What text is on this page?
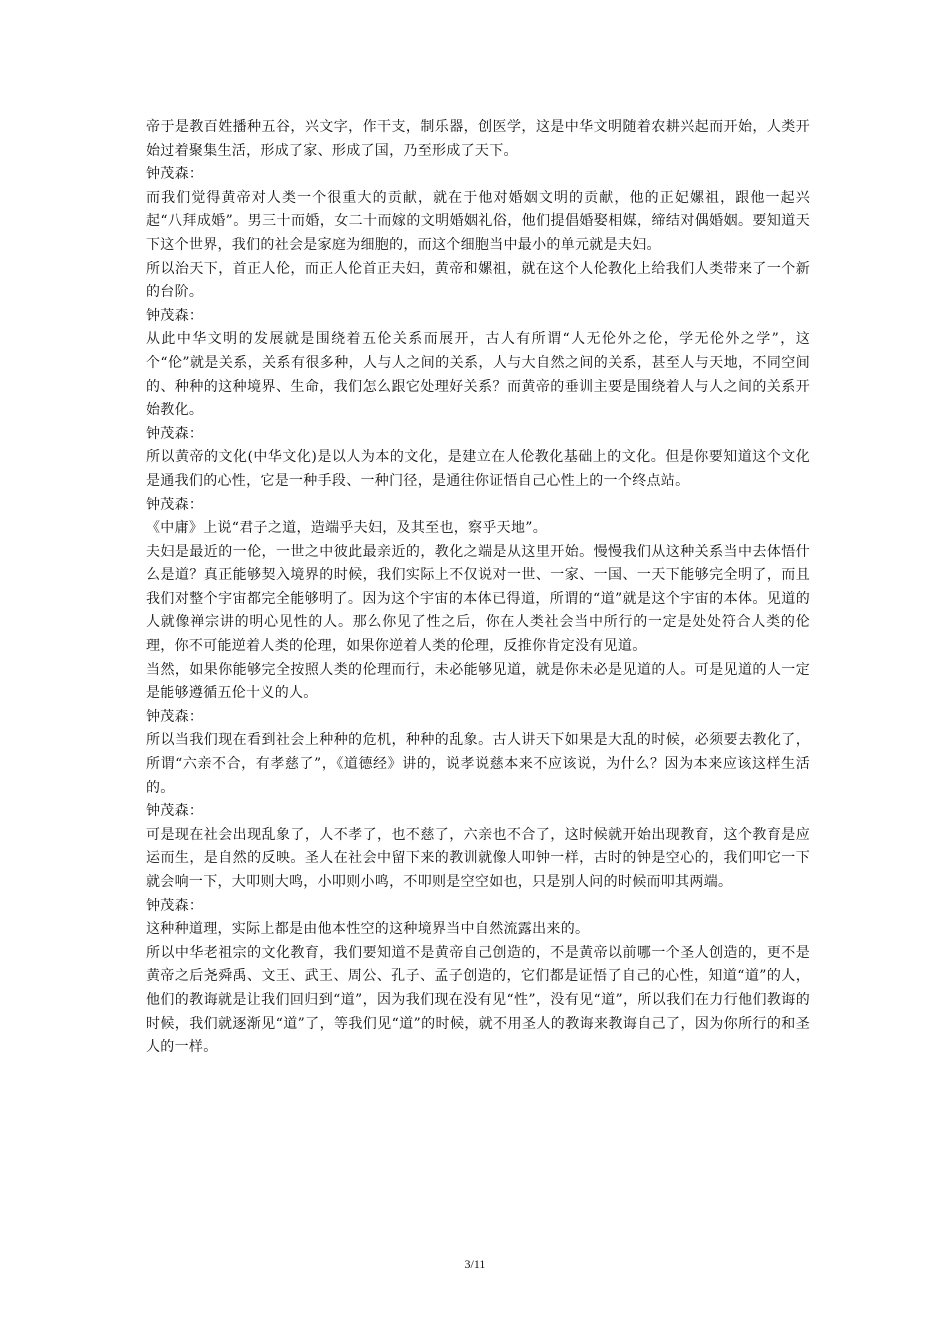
帝于是教百姓播种五谷，兴文字，作干支，制乐器，创医学，这是中华文明随着农耕兴起而开始，人类开始过着聚集生活，形成了家、形成了国，乃至形成了天下。

钟茂森：

而我们觉得黄帝对人类一个很重大的贡献，就在于他对婚姻文明的贡献，他的正妃嫘祖，跟他一起兴起“八拜成婚”。男三十而婚，女二十而嫁的文明婚姻礼俗，他们提倡婚娶相媒，缔结对偶婚姻。要知道天下这个世界，我们的社会是家庭为细胞的，而这个细胞当中最小的单元就是夫妇。

所以治天下，首正人伦，而正人伦首正夫妇，黄帝和嫘祖，就在这个人伦教化上给我们人类带来了一个新的台阶。

钟茂森：

从此中华文明的发展就是围绕着五伦关系而展开，古人有所谓“人无伦外之伦，学无伦外之学”，这个“伦”就是关系，关系有很多种，人与人之间的关系，人与大自然之间的关系，甚至人与天地，不同空间的、种种的这种境界、生命，我们怎么跟它处理好关系？而黄帝的垂训主要是围绕着人与人之间的关系开始教化。

钟茂森：

所以黄帝的文化(中华文化)是以人为本的文化，是建立在人伦教化基础上的文化。但是你要知道这个文化是通我们的心性，它是一种手段、一种门径，是通往你证悟自己心性上的一个终点站。

钟茂森：

《中庸》上说“君子之道，造端乎夫妇，及其至也，察乎天地”。

夫妇是最近的一伦，一世之中彼此最亲近的，教化之端是从这里开始。慢慢我们从这种关系当中去体悟什么是道？真正能够契入境界的时候，我们实际上不仅说对一世、一家、一国、一天下能够完全明了，而且我们对整个宇宙都完全能够明了。因为这个宇宙的本体已得道，所谓的“道”就是这个宇宙的本体。见道的人就像禅宗讲的明心见性的人。那么你见了性之后，你在人类社会当中所行的一定是处处符合人类的伦理，你不可能逆着人类的伦理，如果你逆着人类的伦理，反推你肯定没有见道。

当然，如果你能够完全按照人类的伦理而行，未必能够见道，就是你未必是见道的人。可是见道的人一定是能够遵循五伦十义的人。

钟茂森：

所以当我们现在看到社会上种种的危机，种种的乱象。古人讲天下如果是大乱的时候，必须要去教化了，所谓“六亲不合，有孝慈了”，《道德经》讲的，说孝说慈本来不应该说，为什么？因为本来应该这样生活的。

钟茂森：

可是现在社会出现乱象了，人不孝了，也不慈了，六亲也不合了，这时候就开始出现教育，这个教育是应运而生，是自然的反映。圣人在社会中留下来的教训就像人叩钟一样，古时的钟是空心的，我们叩它一下就会响一下，大叩则大鸣，小叩则小鸣，不叩则是空空如也，只是别人问的时候而叩其两端。

钟茂森：

这种种道理，实际上都是由他本性空的这种境界当中自然流露出来的。

所以中华老祖宗的文化教育，我们要知道不是黄帝自己创造的，不是黄帝以前哪一个圣人创造的，更不是黄帝之后尧舜禹、文王、武王、周公、孔子、孟子创造的，它们都是证悟了自己的心性，知道“道”的人，他们的教诲就是让我们回归到“道”，因为我们现在没有见“性”，没有见“道”，所以我们在力行他们教诲的时候，我们就逐渐见“道”了，等我们见“道”的时候，就不用圣人的教诲来教诲自己了，因为你所行的和圣人的一样。

3/11
